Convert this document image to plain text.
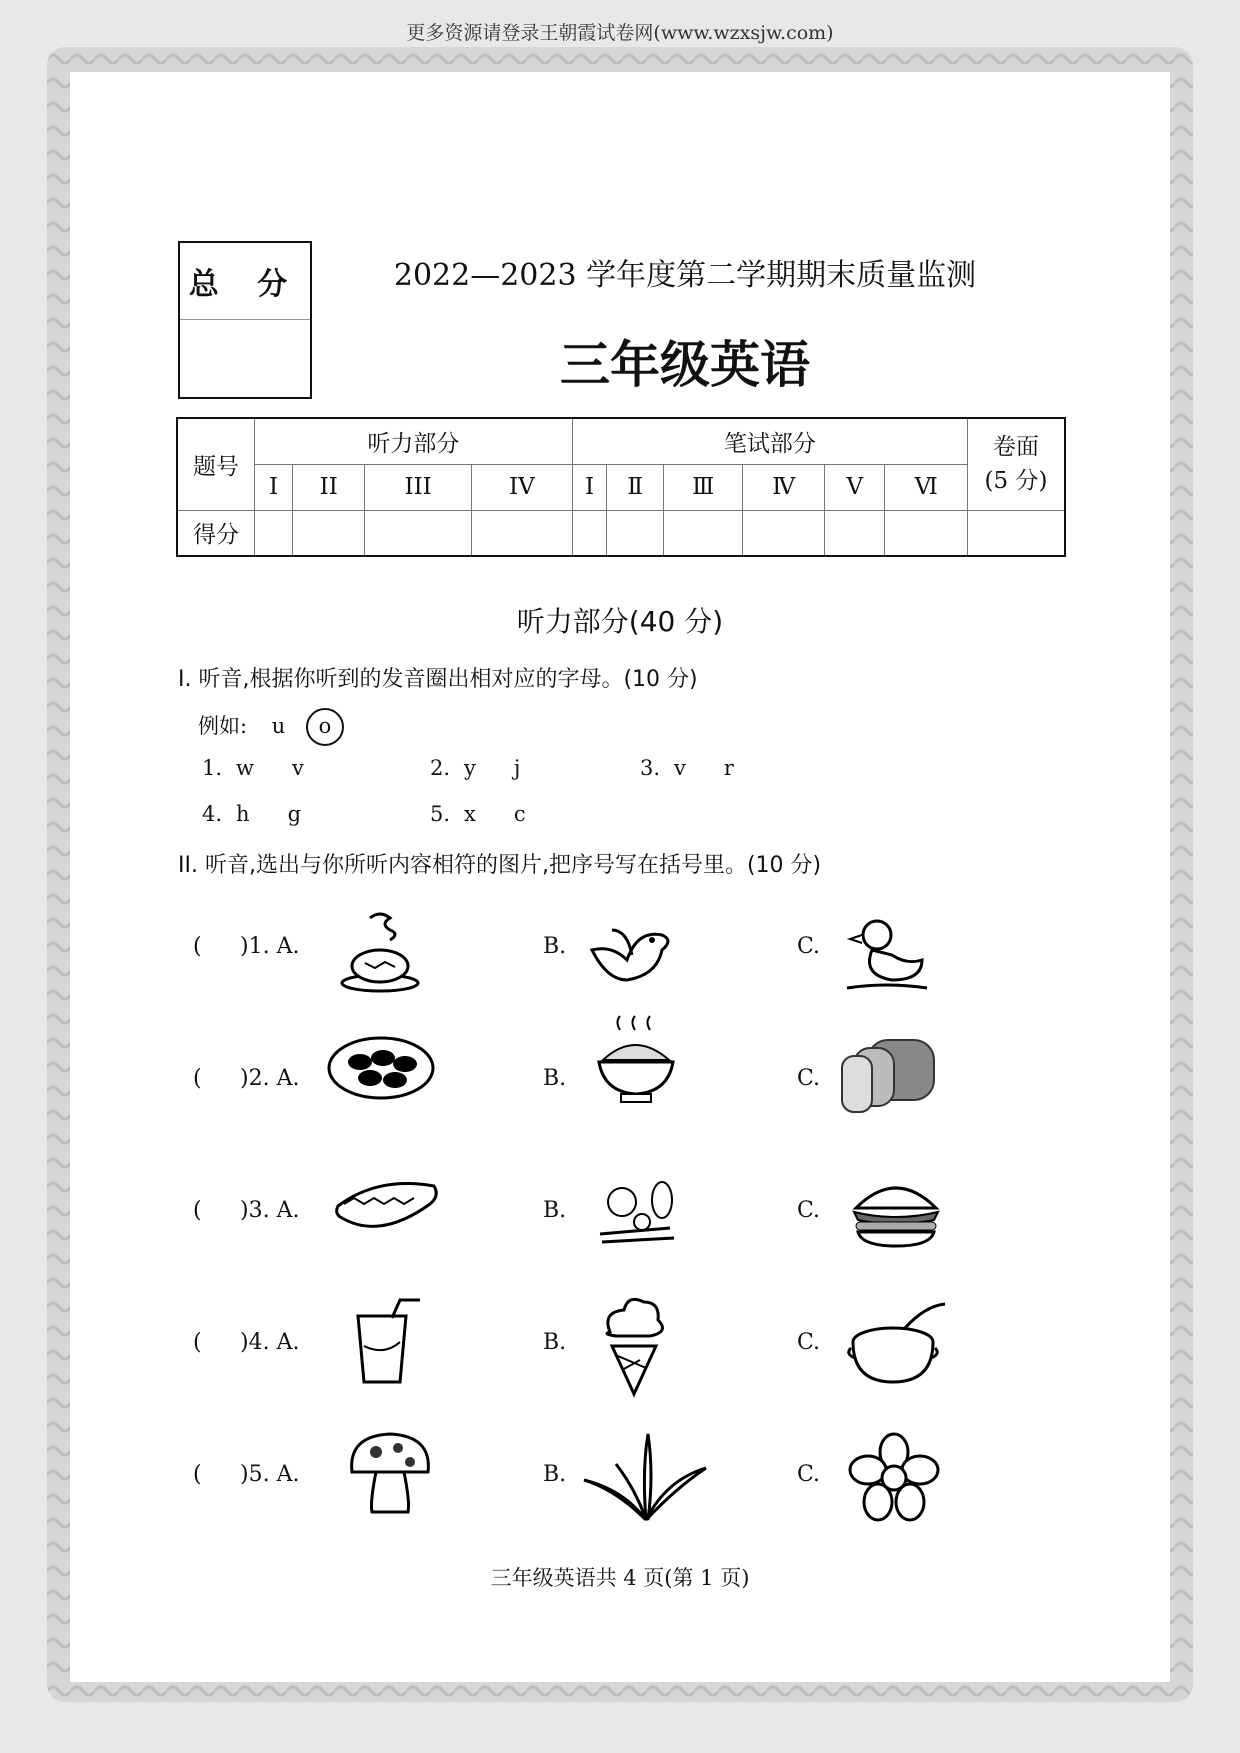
更多资源请登录王朝霞试卷网(www.wzxsjw.com)
总 分	2022—2023 学年度第二学期期末质量监测
三年级英语
题号	听力部分				笔试部分						卷面
(5 分)

	I	II	III	IV	I	Ⅱ	Ⅲ	Ⅳ	Ⅴ	Ⅵ	
得分											
听力部分(40 分)
I. 听音,根据你听到的发音圈出相对应的字母。(10 分)
例如: u o
1. w v	2. y j	3. v r
4. h g	5. x c
II. 听音,选出与你所听内容相符的图片,把序号写在括号里。(10 分)
( )1. A.	B.	C.
( )2. A.	B.	C.
( )3. A.	B.	C.
( )4. A.	B.	C.
( )5. A.	B.	C.
三年级英语共 4 页(第 1 页)
